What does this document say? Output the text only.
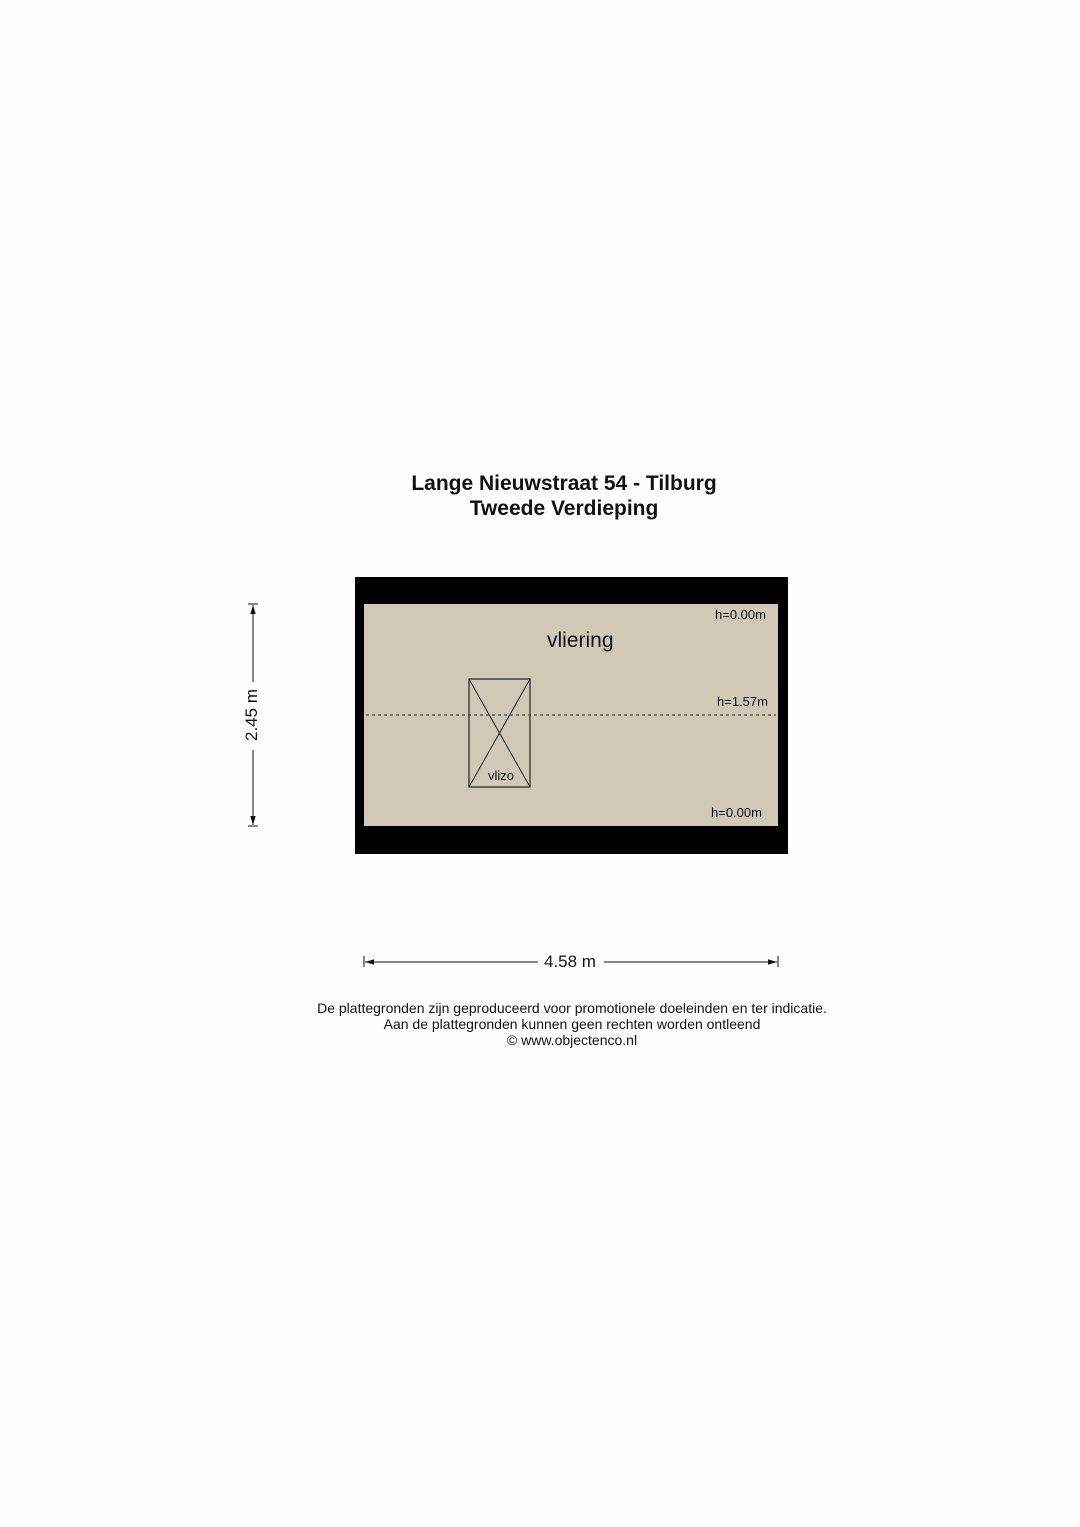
Lange Nieuwstraat 54 - Tilburg
Tweede Verdieping
vliering
h=0.00m
h=1.57m
h=0.00m
vlizo
2.45 m
4.58 m
De plattegronden zijn geproduceerd voor promotionele doeleinden en ter indicatie.
Aan de plattegronden kunnen geen rechten worden ontleend
© www.objectenco.nl
